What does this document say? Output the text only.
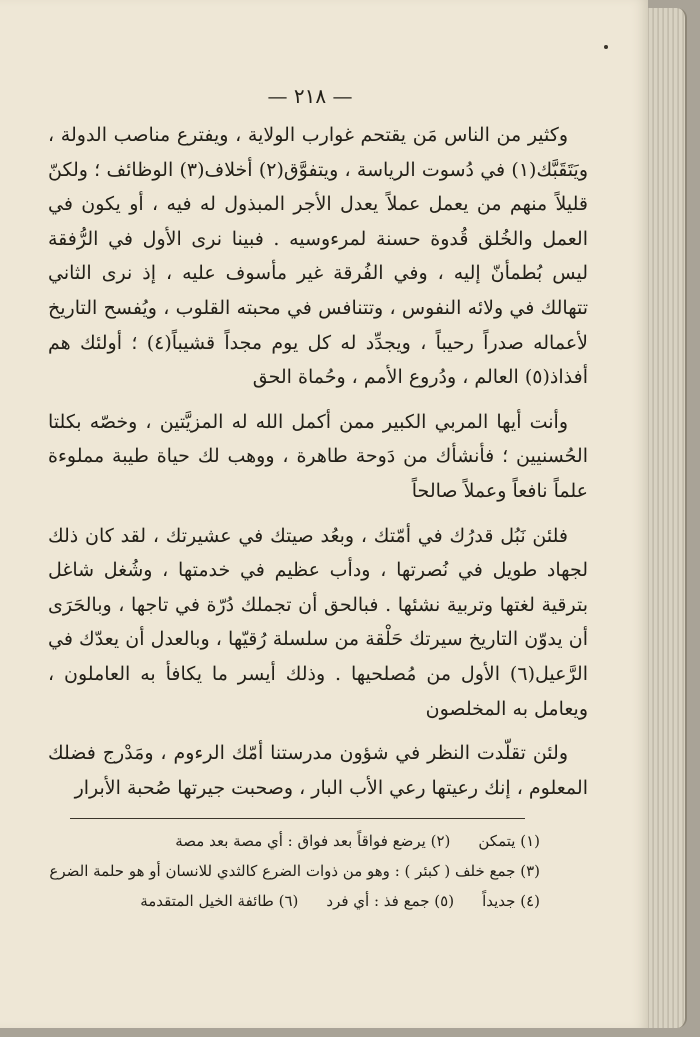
— ٢١٨ —

وكثير من الناس مَن يقتحم غوارب الولاية ، ويفترع مناصب الدولة ، ويَتَقَبَّك(١) في دُسوت الرياسة ، ويتفوَّق(٢) أخلاف(٣) الوظائف ؛ ولكنّ قليلاً منهم من يعمل عملاً يعدل الأجر المبذول له فيه ، أو يكون في العمل والخُلق قُدوة حسنة لمرءوسيه . فبينا نرى الأول في الرُّفقة ليس بُطمأنّ إليه ، وفي الفُرقة غير مأسوف عليه ، إذ نرى الثاني تتهالك في ولائه النفوس ، وتتنافس في محبته القلوب ، ويُفسح التاريخ لأعماله صدراً رحيباً ، ويجدِّد له كل يوم مجداً قشيباً(٤) ؛ أولئك هم أفذاذ(٥) العالم ، ودُروع الأمم ، وحُماة الحق

وأنت أيها المربي الكبير ممن أكمل الله له المزيَّتين ، وخصّه بكلتا الحُسنيين ؛ فأنشأك من دَوحة طاهرة ، ووهب لك حياة طيبة مملوءة علماً نافعاً وعملاً صالحاً

فلئن نَبُل قدرُك في أمّتك ، وبعُد صيتك في عشيرتك ، لقد كان ذلك لجهاد طويل في نُصرتها ، ودأب عظيم في خدمتها ، وشُغل شاغل بترقية لغتها وتربية نشئها . فبالحق أن تجملك دُرّة في تاجها ، وبالحَرَى أن يدوّن التاريخ سيرتك حَلْقة من سلسلة رُقيّها ، وبالعدل أن يعدّك في الرَّعيل(٦) الأول من مُصلحيها . وذلك أيسر ما يكافأ به العاملون ، ويعامل به المخلصون

ولئن تقلّدت النظر في شؤون مدرستنا أمّك الرءوم ، ومَدْرج فضلك المعلوم ، إنك رعيتها رعي الأب البار ، وصحبت جيرتها صُحبة الأبرار

(١) يتمكن
(٢) يرضع فواقاً بعد فواق : أي مصة بعد مصة
(٣) جمع خلف ( كبئر ) : وهو من ذوات الضرع كالثدي للانسان أو هو حلمة الضرع
(٤) جديداً
(٥) جمع فذ : أي فرد
(٦) طائفة الخيل المتقدمة
